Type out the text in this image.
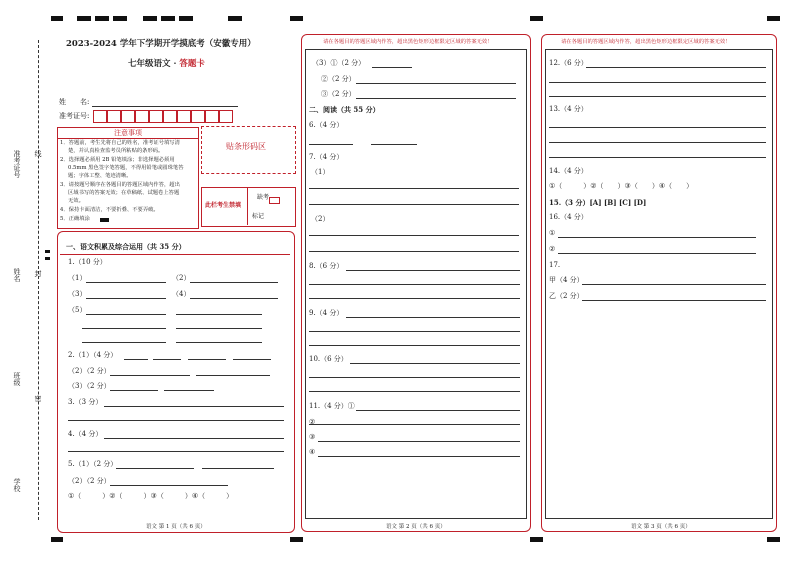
准考证号 线
姓名 封
班级
密
学校
2023-2024 学年下学期开学摸底考（安徽专用）
七年级语文 · 答题卡
姓　　名:
准考证号:
注意事项
1．答题前，考生先将自己的姓名，准考证号填写清
楚，并认真检查监考员所粘贴的条形码。
2．选择题必须用 2B 铅笔填涂；非选择题必须用
0.5mm 黑色签字笔答题，不得用铅笔或圆珠笔答
题；字体工整、笔迹清晰。
3．请按题号顺序在各题目的答题区域内作答，超出
区域书写的答案无效；在草稿纸、试题卷上答题
无效。
4．保持卡面清洁，不要折叠、不要弄破。
5．正确填涂
贴条形码区
此栏考生禁填
缺考
标记
一、语文积累及综合运用（共 35 分）
1.（10 分）
（1）	（2）
（3）	（4）
（5）
2.（1）（4 分）
（2）（2 分）
（3）（2 分）
3.（3 分）
4.（4 分）
5.（1）（2 分）
（2）（2 分）
①（　　　）②（　　　）③（　　　）④（　　　）
语文 第 1 页（共 6 页）
请在各题目的答题区域内作答，超出黑色矩形边框限定区域的答案无效！
（3）①（2 分）
②（2 分）
③（2 分）
二、阅读（共 55 分）
6.（4 分）
7.（4 分）
（1）
（2）
8.（6 分）
9.（4 分）
10.（6 分）
11.（4 分）①
②
③
④
语文 第 2 页（共 6 页）
请在各题目的答题区域内作答，超出黑色矩形边框限定区域的答案无效！
12.（6 分）
13.（4 分）
14.（4 分）
①（　　　）②（　　）③（　　）④（　　）
15.（3 分）[A] [B] [C] [D]
16.（4 分）
①
②
17.
甲（4 分）
乙（2 分）
语文 第 3 页（共 6 页）
